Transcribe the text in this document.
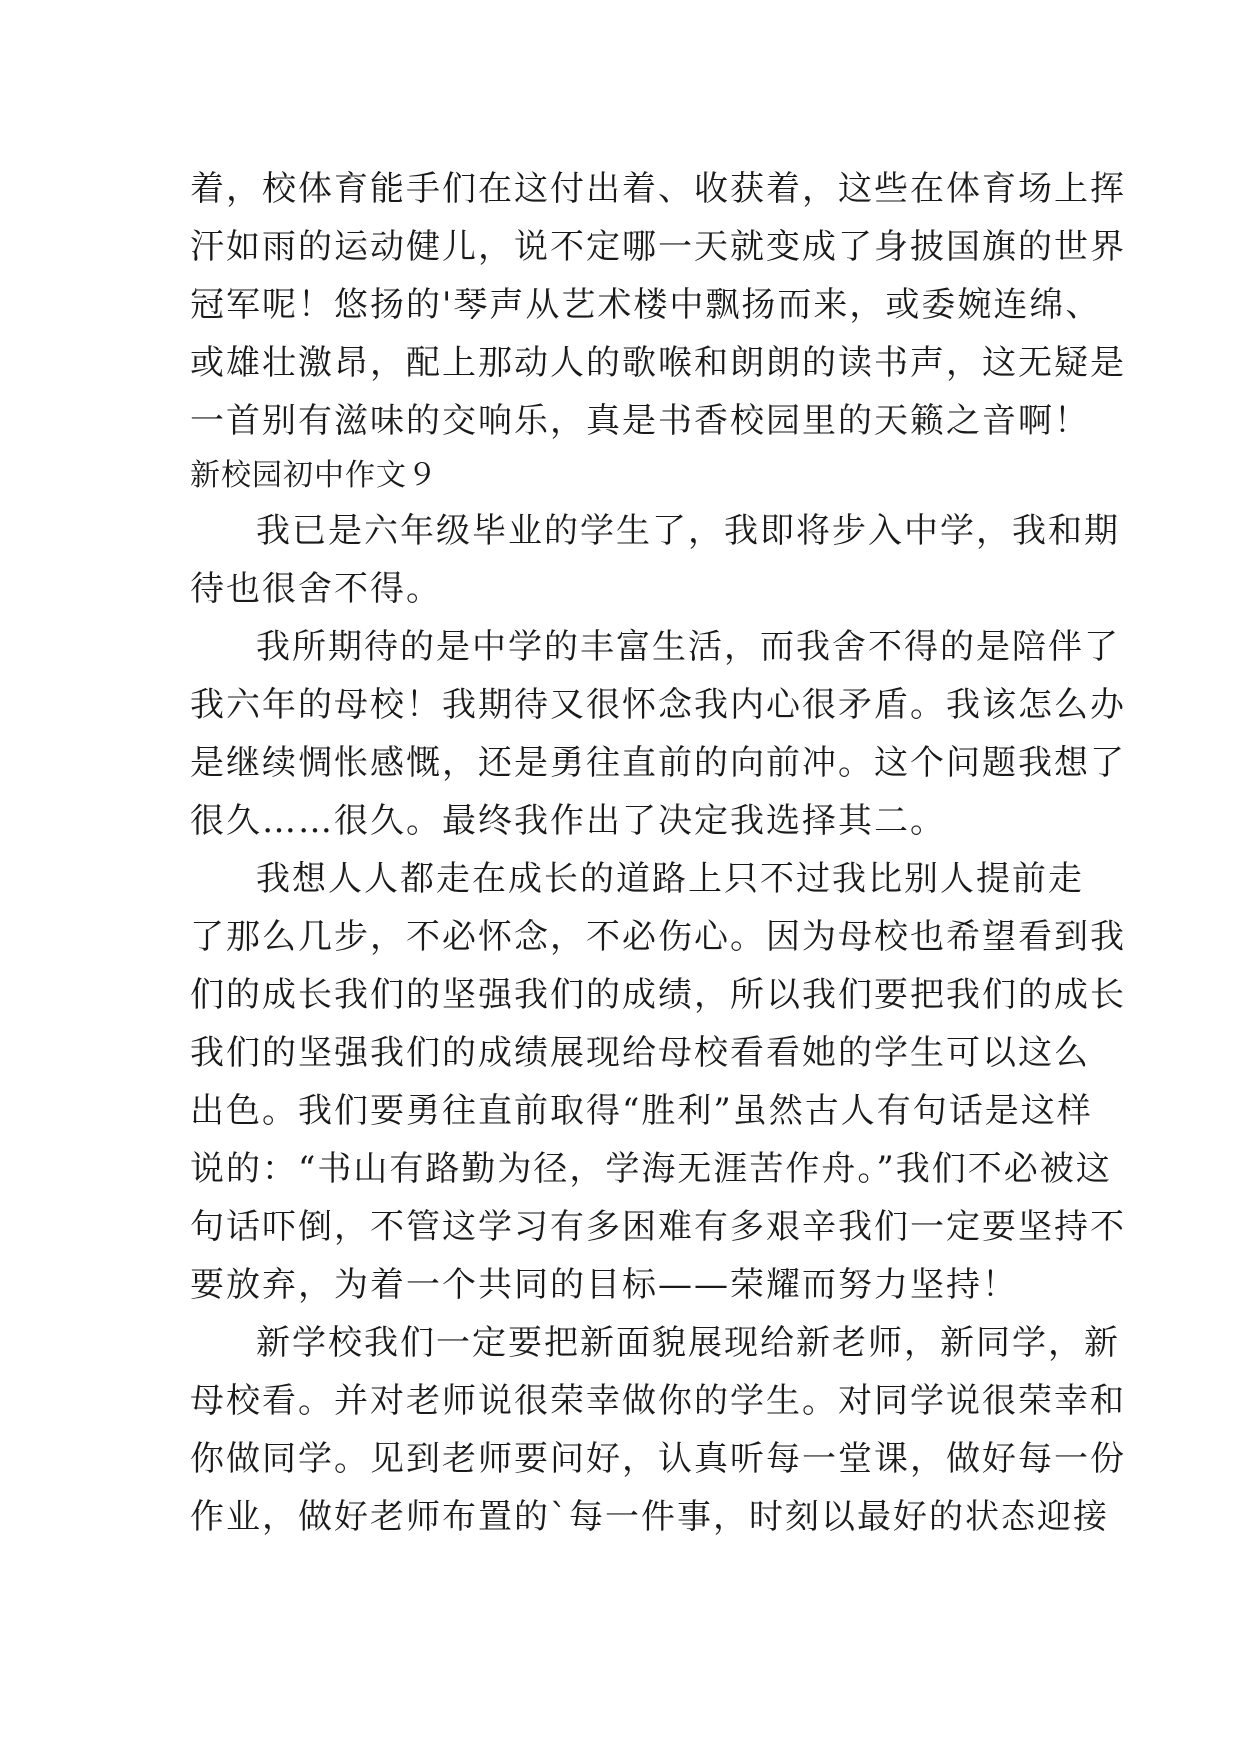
着，校体育能手们在这付出着、收获着，这些在体育场上挥
汗如雨的运动健儿，说不定哪一天就变成了身披国旗的世界
冠军呢！悠扬的'琴声从艺术楼中飘扬而来，或委婉连绵、
或雄壮激昂，配上那动人的歌喉和朗朗的读书声，这无疑是
一首别有滋味的交响乐，真是书香校园里的天籁之音啊！
新校园初中作文９
我已是六年级毕业的学生了，我即将步入中学，我和期
待也很舍不得。
我所期待的是中学的丰富生活，而我舍不得的是陪伴了
我六年的母校！我期待又很怀念我内心很矛盾。我该怎么办
是继续惆怅感慨，还是勇往直前的向前冲。这个问题我想了
很久……很久。最终我作出了决定我选择其二。
我想人人都走在成长的道路上只不过我比别人提前走
了那么几步，不必怀念，不必伤心。因为母校也希望看到我
们的成长我们的坚强我们的成绩，所以我们要把我们的成长
我们的坚强我们的成绩展现给母校看看她的学生可以这么
出色。我们要勇往直前取得“胜利”虽然古人有句话是这样
说的：“书山有路勤为径，学海无涯苦作舟。”我们不必被这
句话吓倒，不管这学习有多困难有多艰辛我们一定要坚持不
要放弃，为着一个共同的目标——荣耀而努力坚持！
新学校我们一定要把新面貌展现给新老师，新同学，新
母校看。并对老师说很荣幸做你的学生。对同学说很荣幸和
你做同学。见到老师要问好，认真听每一堂课，做好每一份
作业，做好老师布置的`每一件事，时刻以最好的状态迎接
